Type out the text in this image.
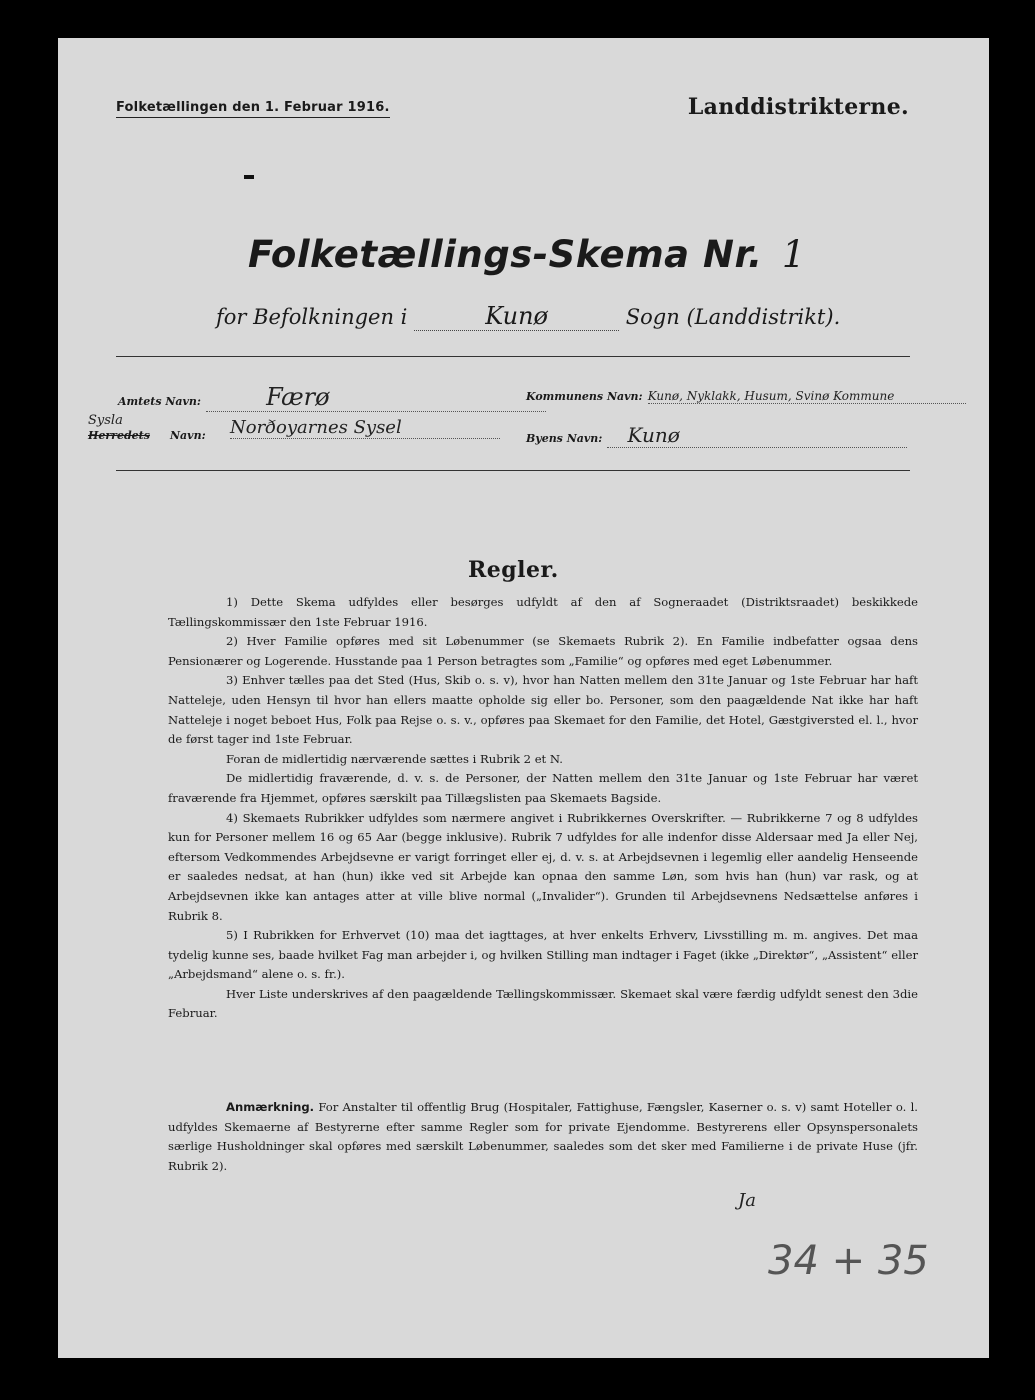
Folketællingen den 1. Februar 1916.	Landdistrikterne.
Folketællings-Skema Nr. 1
for Befolkningen i	Kunø	Sogn (Landdistrikt).
Amtets Navn:	Færø	Kommunens Navn: Kunø, Nyklakk, Husum, Svinø Kommune
Sysla
Herredets Navn: Norðoyarnes Sysel
Byens Navn: Kunø
Regler.

1) Dette Skema udfyldes eller besørges udfyldt af den af Sogneraadet (Distriktsraadet) beskikkede Tællingskommissær den 1ste Februar 1916.

2) Hver Familie opføres med sit Løbenummer (se Skemaets Rubrik 2). En Familie indbefatter ogsaa dens Pensionærer og Logerende. Husstande paa 1 Person betragtes som „Familie“ og opføres med eget Løbenummer.

3) Enhver tælles paa det Sted (Hus, Skib o. s. v), hvor han Natten mellem den 31te Januar og 1ste Februar har haft Natteleje, uden Hensyn til hvor han ellers maatte opholde sig eller bo. Personer, som den paagældende Nat ikke har haft Natteleje i noget beboet Hus, Folk paa Rejse o. s. v., opføres paa Skemaet for den Familie, det Hotel, Gæstgiversted el. l., hvor de først tager ind 1ste Februar.

Foran de midlertidig nærværende sættes i Rubrik 2 et N.

De midlertidig fraværende, d. v. s. de Personer, der Natten mellem den 31te Januar og 1ste Februar har været fraværende fra Hjemmet, opføres særskilt paa Tillægslisten paa Skemaets Bagside.

4) Skemaets Rubrikker udfyldes som nærmere angivet i Rubrikkernes Overskrifter. — Rubrikkerne 7 og 8 udfyldes kun for Personer mellem 16 og 65 Aar (begge inklusive). Rubrik 7 udfyldes for alle indenfor disse Aldersaar med Ja eller Nej, eftersom Vedkommendes Arbejdsevne er varigt forringet eller ej, d. v. s. at Arbejdsevnen i legemlig eller aandelig Henseende er saaledes nedsat, at han (hun) ikke ved sit Arbejde kan opnaa den samme Løn, som hvis han (hun) var rask, og at Arbejdsevnen ikke kan antages atter at ville blive normal („Invalider“). Grunden til Arbejdsevnens Nedsættelse anføres i Rubrik 8.

5) I Rubrikken for Erhvervet (10) maa det iagttages, at hver enkelts Erhverv, Livsstilling m. m. angives. Det maa tydelig kunne ses, baade hvilket Fag man arbejder i, og hvilken Stilling man indtager i Faget (ikke „Direktør“, „Assistent“ eller „Arbejdsmand“ alene o. s. fr.).

Hver Liste underskrives af den paagældende Tællingskommissær. Skemaet skal være færdig udfyldt senest den 3die Februar.

Anmærkning. For Anstalter til offentlig Brug (Hospitaler, Fattighuse, Fængsler, Kaserner o. s. v) samt Hoteller o. l. udfyldes Skemaerne af Bestyrerne efter samme Regler som for private Ejendomme. Bestyrerens eller Opsynspersonalets særlige Husholdninger skal opføres med særskilt Løbenummer, saaledes som det sker med Familierne i de private Huse (jfr. Rubrik 2).

Ja
34 + 35
